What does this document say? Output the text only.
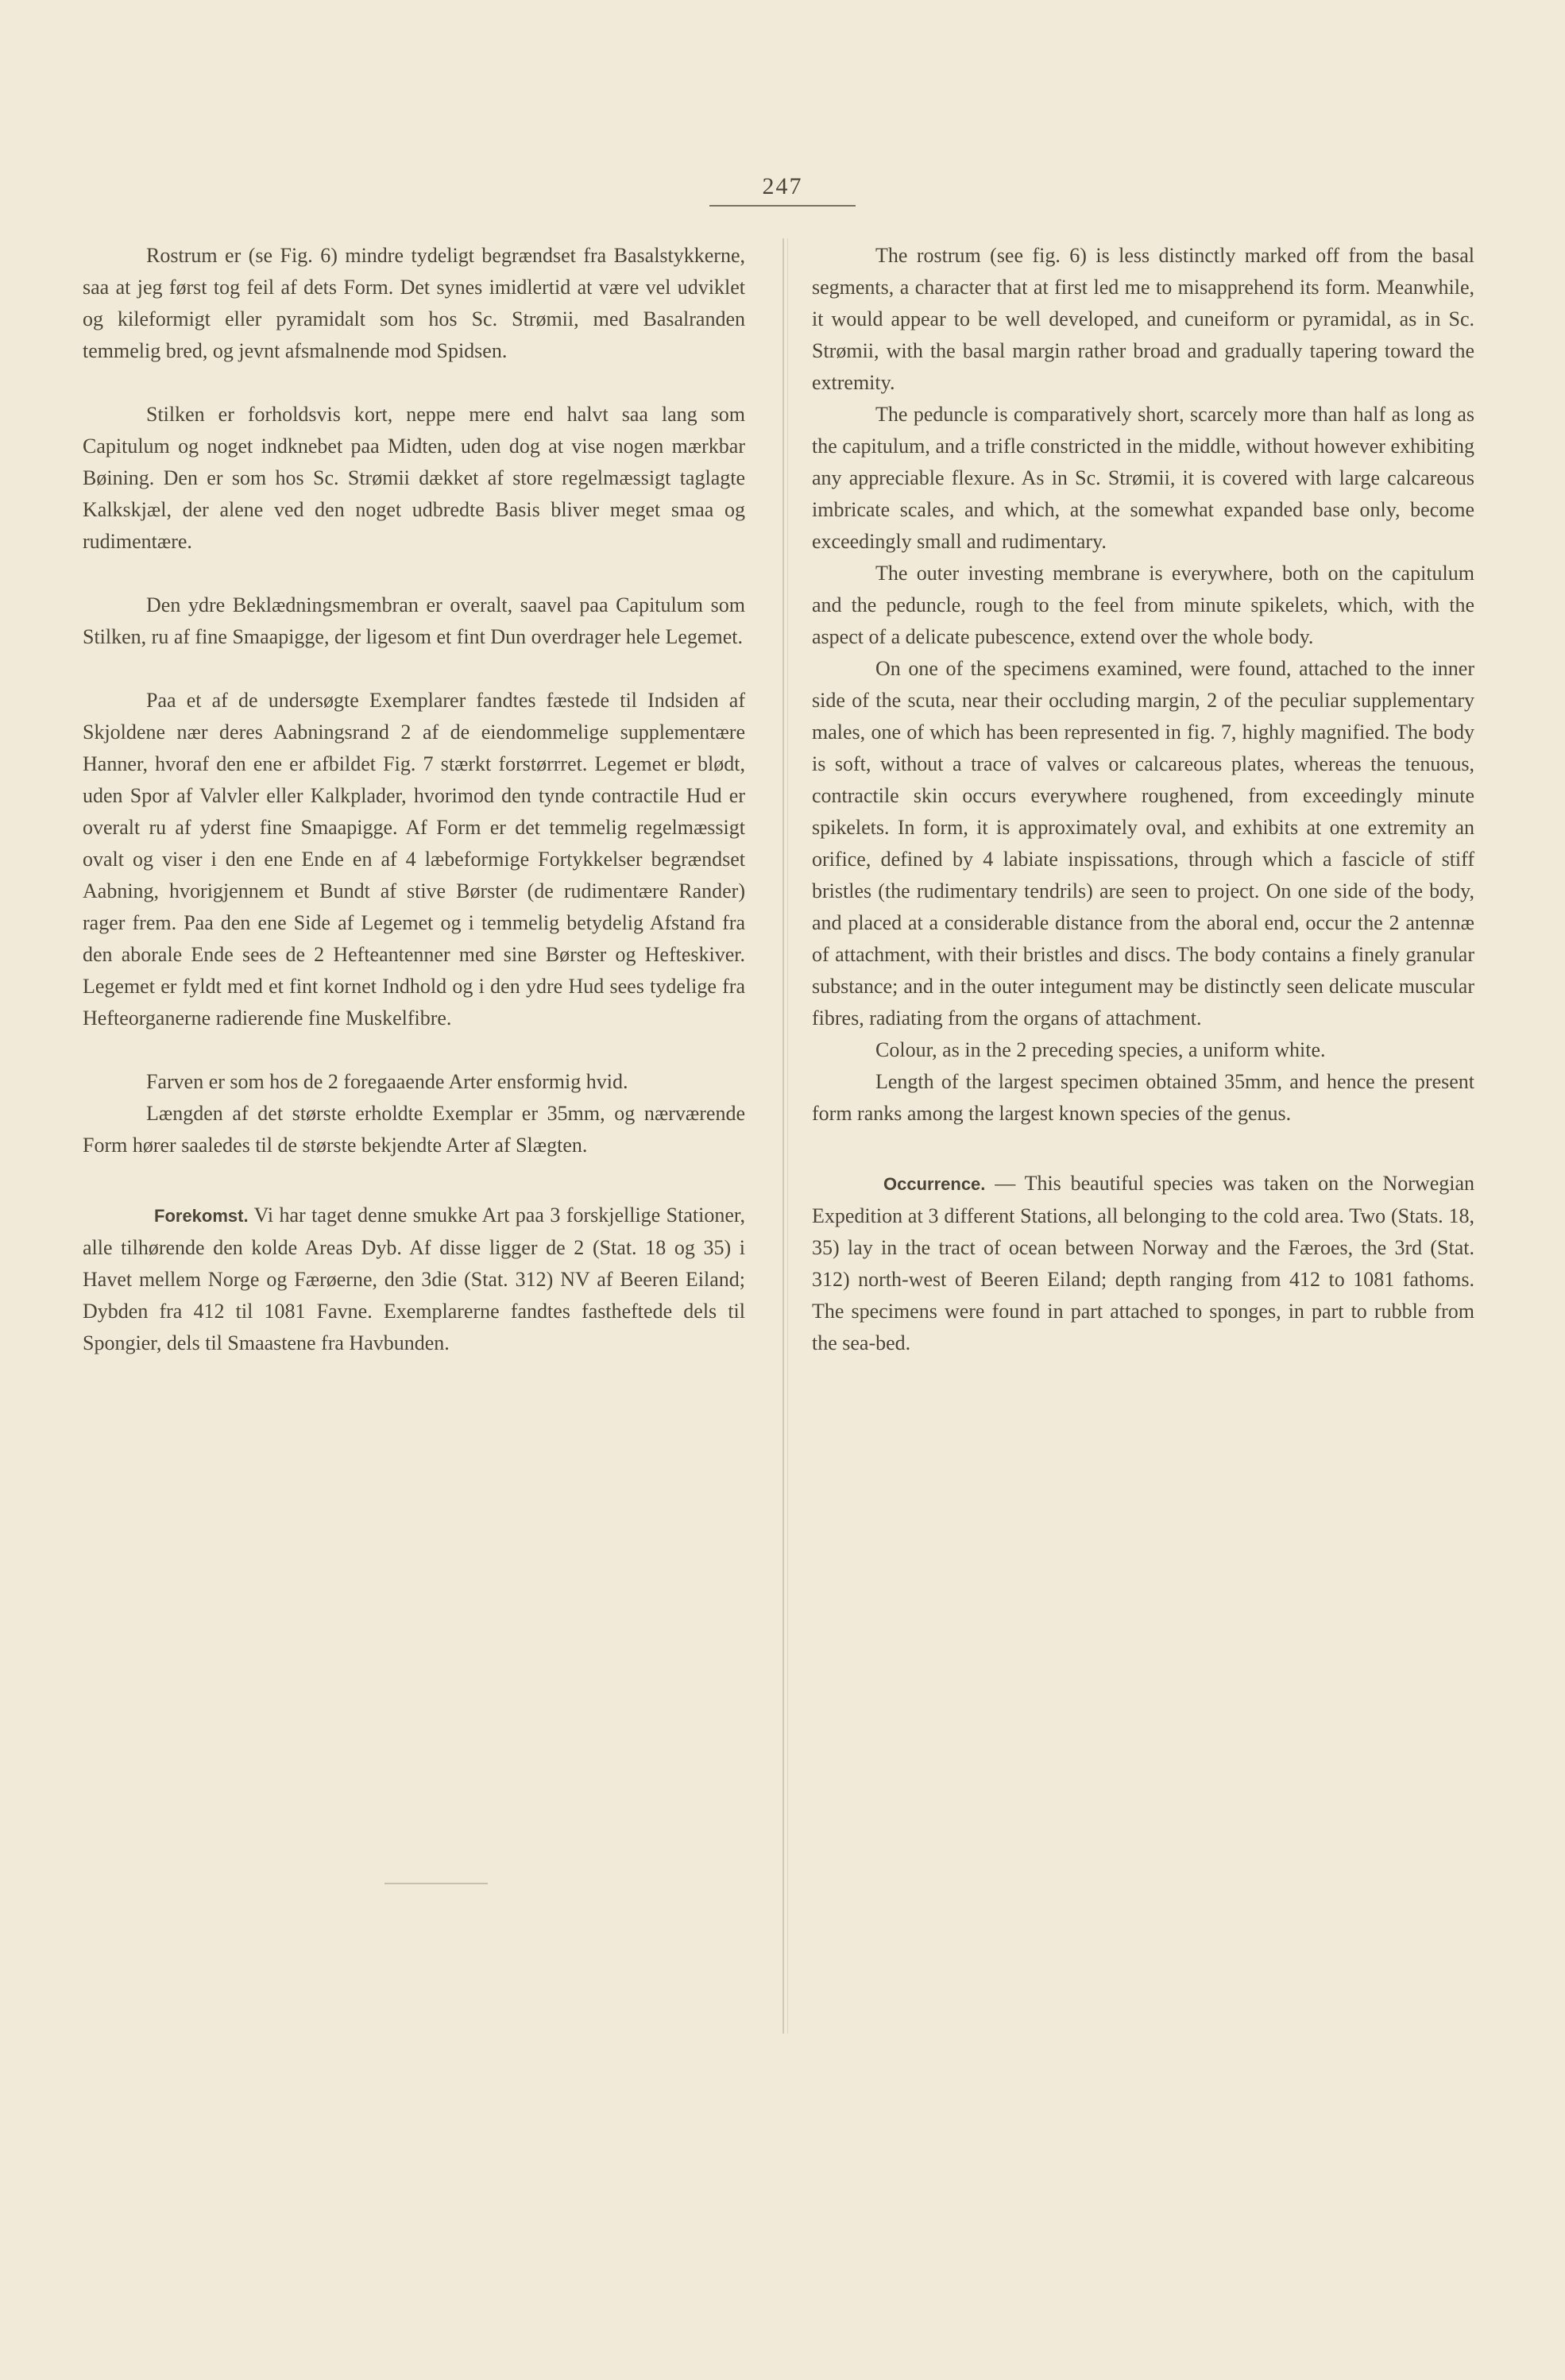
247

Rostrum er (se Fig. 6) mindre tydeligt begrændset fra Basalstykkerne, saa at jeg først tog feil af dets Form. Det synes imidlertid at være vel udviklet og kileformigt eller pyramidalt som hos Sc. Strømii, med Basalranden temmelig bred, og jevnt afsmalnende mod Spidsen.

Stilken er forholdsvis kort, neppe mere end halvt saa lang som Capitulum og noget indknebet paa Midten, uden dog at vise nogen mærkbar Bøining. Den er som hos Sc. Strømii dækket af store regelmæssigt taglagte Kalkskjæl, der alene ved den noget udbredte Basis bliver meget smaa og rudimentære.

Den ydre Beklædningsmembran er overalt, saavel paa Capitulum som Stilken, ru af fine Smaapigge, der ligesom et fint Dun overdrager hele Legemet.

Paa et af de undersøgte Exemplarer fandtes fæstede til Indsiden af Skjoldene nær deres Aabningsrand 2 af de eiendommelige supplementære Hanner, hvoraf den ene er afbildet Fig. 7 stærkt forstørrret. Legemet er blødt, uden Spor af Valvler eller Kalkplader, hvorimod den tynde contractile Hud er overalt ru af yderst fine Smaapigge. Af Form er det temmelig regelmæssigt ovalt og viser i den ene Ende en af 4 læbeformige Fortykkelser begrændset Aabning, hvorigjennem et Bundt af stive Børster (de rudimentære Rander) rager frem. Paa den ene Side af Legemet og i temmelig betydelig Afstand fra den aborale Ende sees de 2 Hefteantenner med sine Børster og Hefteskiver. Legemet er fyldt med et fint kornet Indhold og i den ydre Hud sees tydelige fra Hefteorganerne radierende fine Muskelfibre.

Farven er som hos de 2 foregaaende Arter ensformig hvid.

Længden af det største erholdte Exemplar er 35mm, og nærværende Form hører saaledes til de største bekjendte Arter af Slægten.

Forekomst. Vi har taget denne smukke Art paa 3 forskjellige Stationer, alle tilhørende den kolde Areas Dyb. Af disse ligger de 2 (Stat. 18 og 35) i Havet mellem Norge og Færøerne, den 3die (Stat. 312) NV af Beeren Eiland; Dybden fra 412 til 1081 Favne. Exemplarerne fandtes fastheftede dels til Spongier, dels til Smaastene fra Havbunden.

The rostrum (see fig. 6) is less distinctly marked off from the basal segments, a character that at first led me to misapprehend its form. Meanwhile, it would appear to be well developed, and cuneiform or pyramidal, as in Sc. Strømii, with the basal margin rather broad and gradually tapering toward the extremity.

The peduncle is comparatively short, scarcely more than half as long as the capitulum, and a trifle constricted in the middle, without however exhibiting any appreciable flexure. As in Sc. Strømii, it is covered with large calcareous imbricate scales, and which, at the somewhat expanded base only, become exceedingly small and rudimentary.

The outer investing membrane is everywhere, both on the capitulum and the peduncle, rough to the feel from minute spikelets, which, with the aspect of a delicate pubescence, extend over the whole body.

On one of the specimens examined, were found, attached to the inner side of the scuta, near their occluding margin, 2 of the peculiar supplementary males, one of which has been represented in fig. 7, highly magnified. The body is soft, without a trace of valves or calcareous plates, whereas the tenuous, contractile skin occurs everywhere roughened, from exceedingly minute spikelets. In form, it is approximately oval, and exhibits at one extremity an orifice, defined by 4 labiate inspissations, through which a fascicle of stiff bristles (the rudimentary tendrils) are seen to project. On one side of the body, and placed at a considerable distance from the aboral end, occur the 2 antennæ of attachment, with their bristles and discs. The body contains a finely granular substance; and in the outer integument may be distinctly seen delicate muscular fibres, radiating from the organs of attachment.

Colour, as in the 2 preceding species, a uniform white.

Length of the largest specimen obtained 35mm, and hence the present form ranks among the largest known species of the genus.

Occurrence. — This beautiful species was taken on the Norwegian Expedition at 3 different Stations, all belonging to the cold area. Two (Stats. 18, 35) lay in the tract of ocean between Norway and the Færoes, the 3rd (Stat. 312) north-west of Beeren Eiland; depth ranging from 412 to 1081 fathoms. The specimens were found in part attached to sponges, in part to rubble from the sea-bed.
